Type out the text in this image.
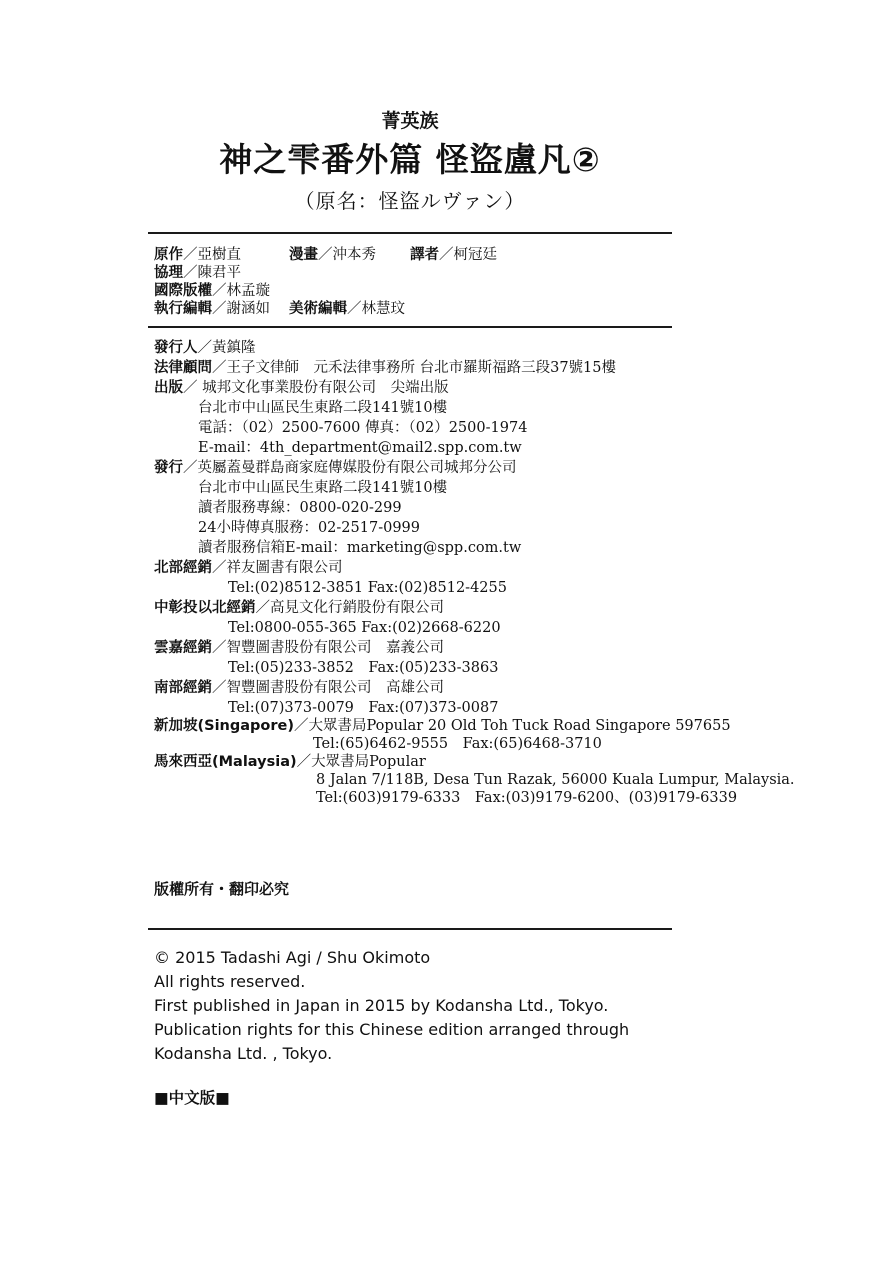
菁英族
神之雫番外篇 怪盜盧凡②
（原名：怪盜ルヴァン）
原作／亞樹直	漫畫／沖本秀 譯者／柯冠廷
協理／陳君平
國際版權／林孟璇
執行編輯／謝涵如 美術編輯／林慧玟
發行人／黃鎮隆
法律顧問／王子文律師　元禾法律事務所 台北市羅斯福路三段37號15樓
出版／ 城邦文化事業股份有限公司　尖端出版
台北市中山區民生東路二段141號10樓
電話：（02）2500-7600 傳真：（02）2500-1974
E-mail：4th_department@mail2.spp.com.tw
發行／英屬蓋曼群島商家庭傳媒股份有限公司城邦分公司
台北市中山區民生東路二段141號10樓
讀者服務專線：0800-020-299
24小時傳真服務：02-2517-0999
讀者服務信箱E-mail：marketing@spp.com.tw
北部經銷／祥友圖書有限公司
Tel:(02)8512-3851 Fax:(02)8512-4255
中彰投以北經銷／高見文化行銷股份有限公司
Tel:0800-055-365 Fax:(02)2668-6220
雲嘉經銷／智豐圖書股份有限公司　嘉義公司
Tel:(05)233-3852　Fax:(05)233-3863
南部經銷／智豐圖書股份有限公司　高雄公司
Tel:(07)373-0079　Fax:(07)373-0087
新加坡(Singapore)／大眾書局Popular 20 Old Toh Tuck Road Singapore 597655
Tel:(65)6462-9555　Fax:(65)6468-3710
馬來西亞(Malaysia)／大眾書局Popular
8 Jalan 7/118B, Desa Tun Razak, 56000 Kuala Lumpur, Malaysia.
Tel:(603)9179-6333　Fax:(03)9179-6200、(03)9179-6339
版權所有・翻印必究
© 2015 Tadashi Agi / Shu Okimoto
All rights reserved.
First published in Japan in 2015 by Kodansha Ltd., Tokyo.
Publication rights for this Chinese edition arranged through
Kodansha Ltd. , Tokyo.
■中文版■
